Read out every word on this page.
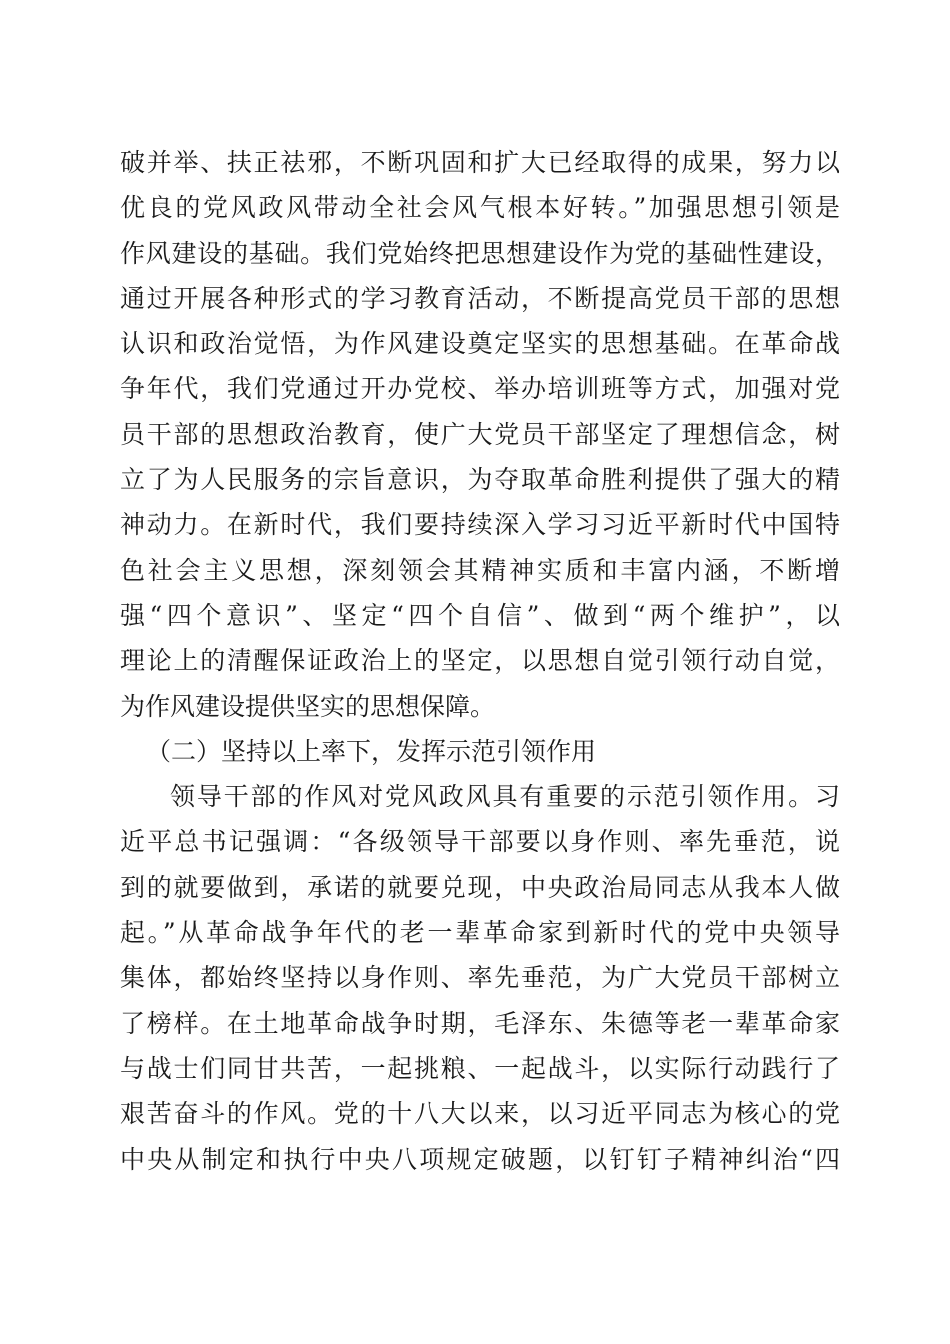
破并举、扶正祛邪，不断巩固和扩大已经取得的成果，努力以
优良的党风政风带动全社会风气根本好转。”加强思想引领是
作风建设的基础。我们党始终把思想建设作为党的基础性建设，
通过开展各种形式的学习教育活动，不断提高党员干部的思想
认识和政治觉悟，为作风建设奠定坚实的思想基础。在革命战
争年代，我们党通过开办党校、举办培训班等方式，加强对党
员干部的思想政治教育，使广大党员干部坚定了理想信念，树
立了为人民服务的宗旨意识，为夺取革命胜利提供了强大的精
神动力。在新时代，我们要持续深入学习习近平新时代中国特
色社会主义思想，深刻领会其精神实质和丰富内涵，不断增
强“四个意识”、坚定“四个自信”、做到“两个维护”，以
理论上的清醒保证政治上的坚定，以思想自觉引领行动自觉，
为作风建设提供坚实的思想保障。
（二）坚持以上率下，发挥示范引领作用
领导干部的作风对党风政风具有重要的示范引领作用。习
近平总书记强调：“各级领导干部要以身作则、率先垂范，说
到的就要做到，承诺的就要兑现，中央政治局同志从我本人做
起。”从革命战争年代的老一辈革命家到新时代的党中央领导
集体，都始终坚持以身作则、率先垂范，为广大党员干部树立
了榜样。在土地革命战争时期，毛泽东、朱德等老一辈革命家
与战士们同甘共苦，一起挑粮、一起战斗，以实际行动践行了
艰苦奋斗的作风。党的十八大以来，以习近平同志为核心的党
中央从制定和执行中央八项规定破题，以钉钉子精神纠治“四
